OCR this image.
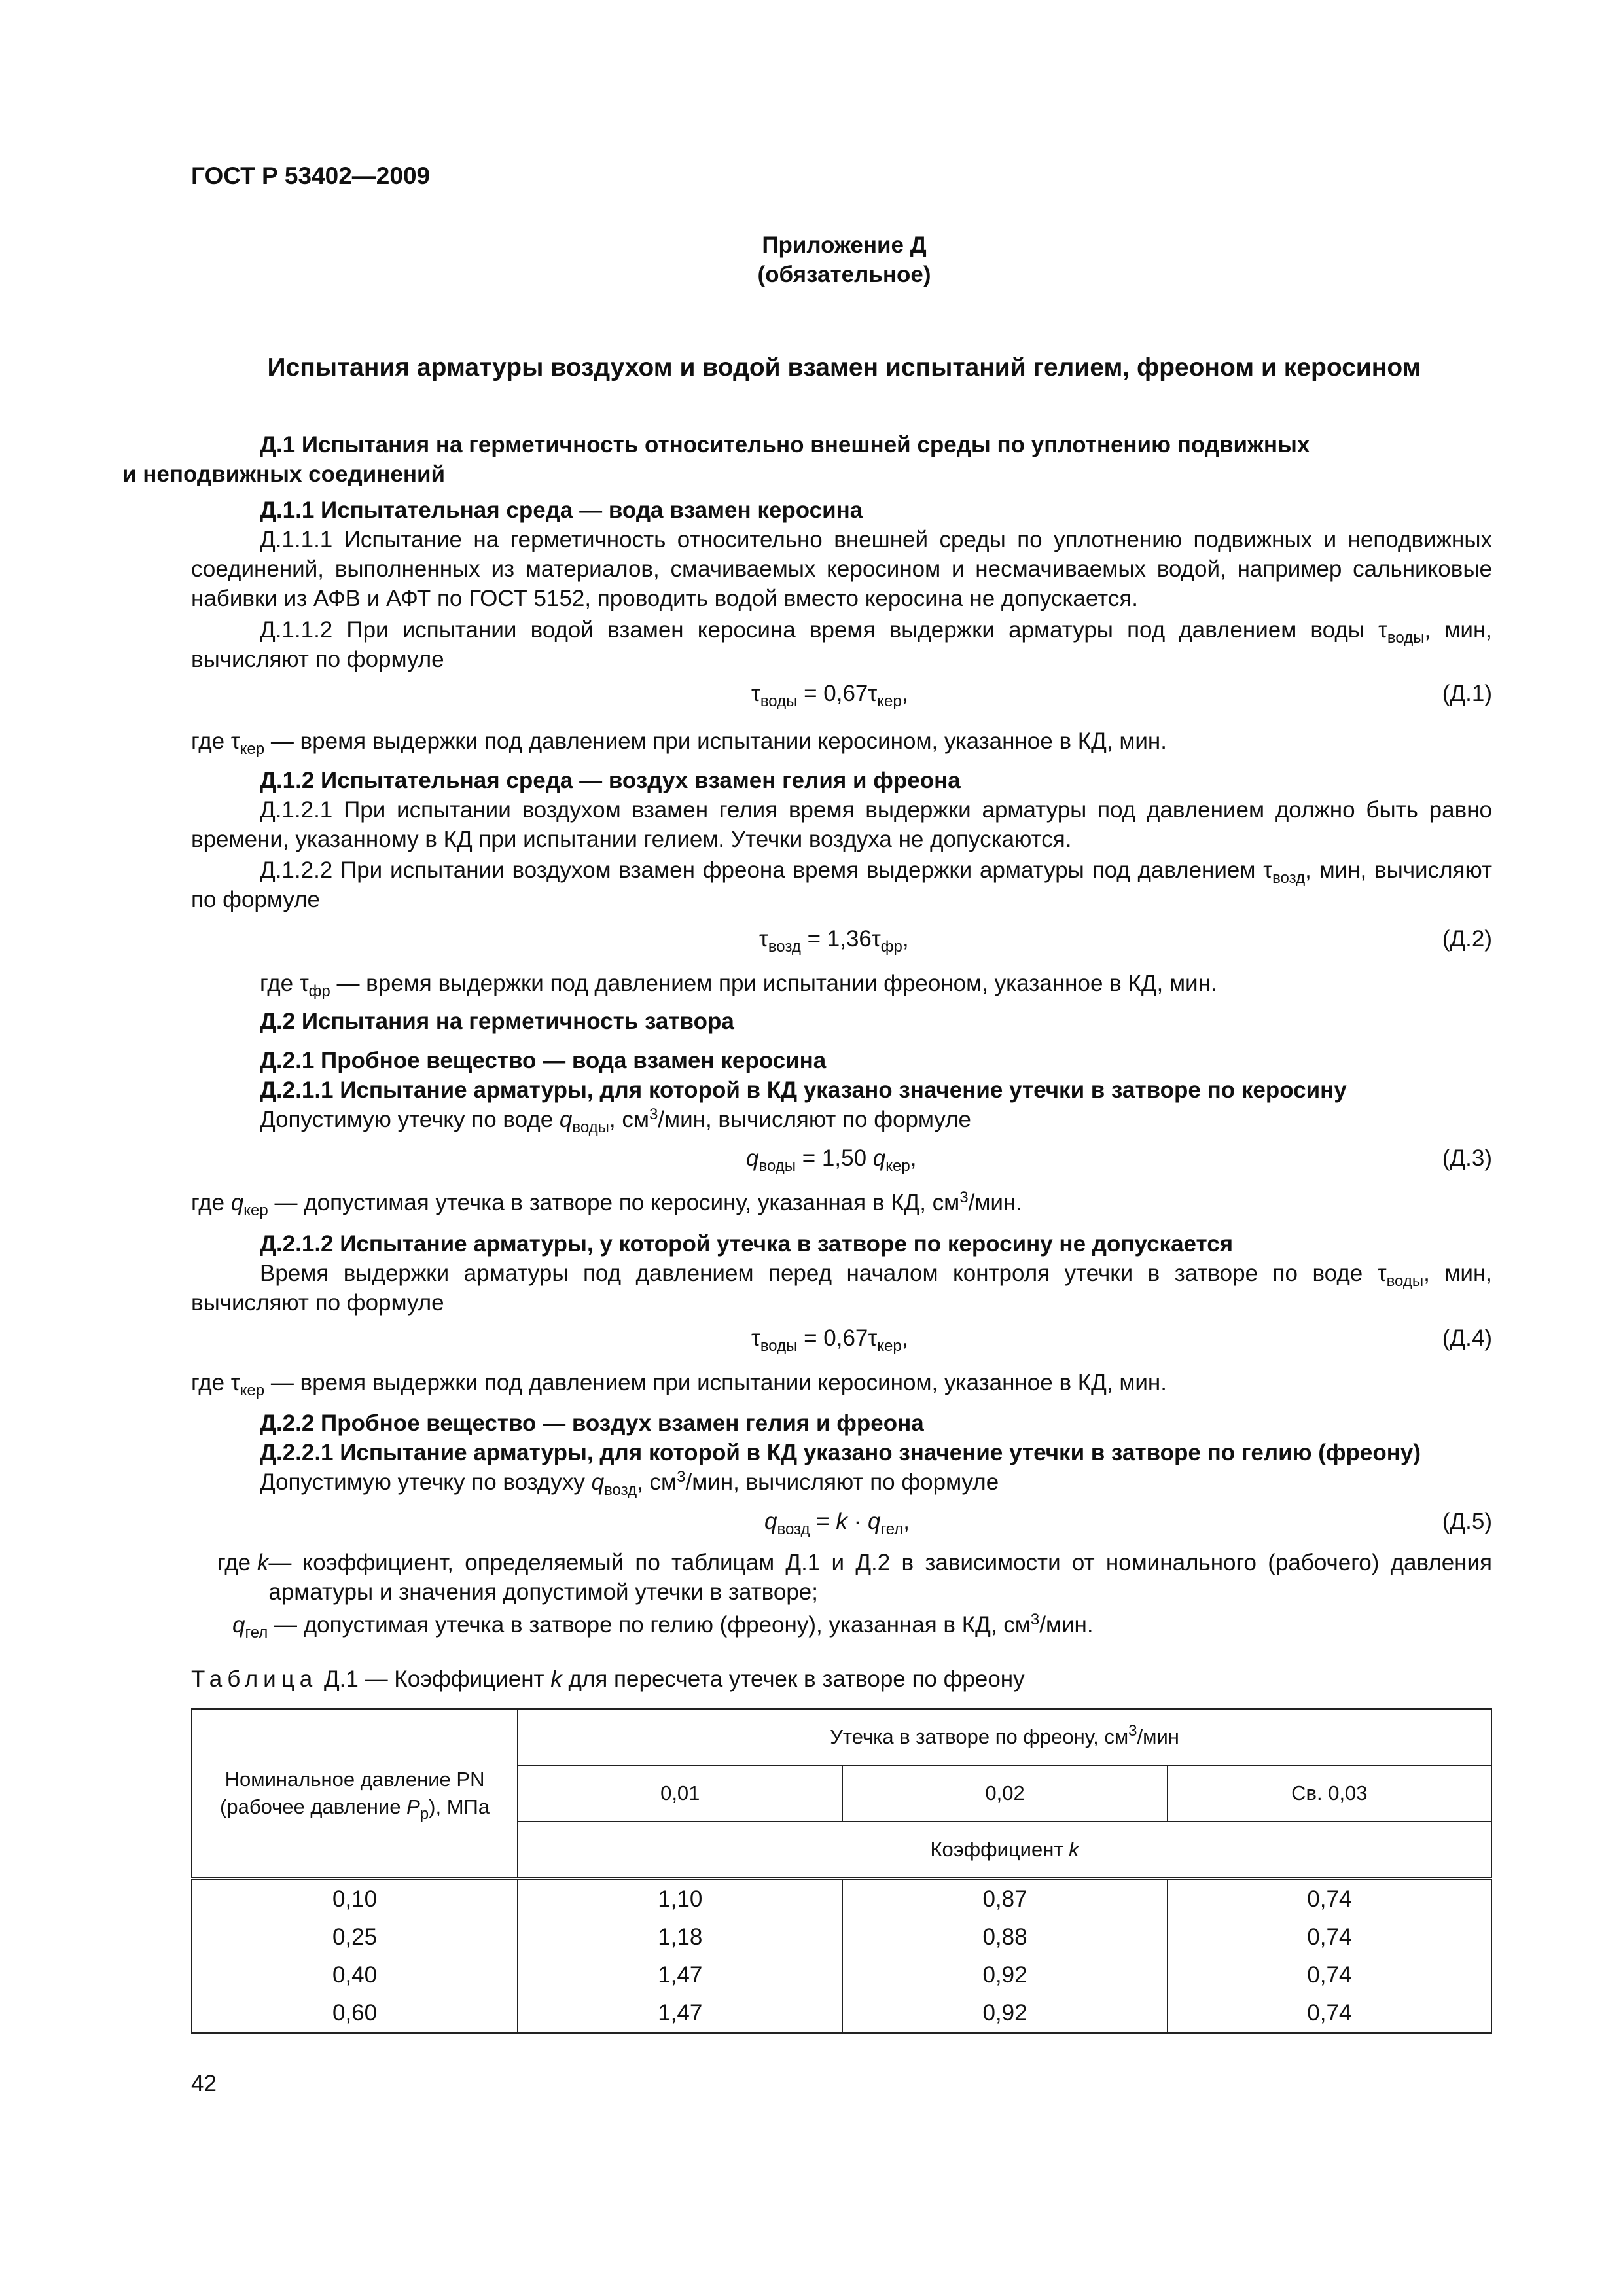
ГОСТ Р 53402—2009
Приложение Д
(обязательное)
Испытания арматуры воздухом и водой взамен испытаний гелием, фреоном и керосином
Д.1 Испытания на герметичность относительно внешней среды по уплотнению подвижных
и неподвижных соединений
Д.1.1 Испытательная среда — вода взамен керосина
Д.1.1.1 Испытание на герметичность относительно внешней среды по уплотнению подвижных и неподвижных соединений, выполненных из материалов, смачиваемых керосином и несмачиваемых водой, например сальниковые набивки из АФВ и АФТ по ГОСТ 5152, проводить водой вместо керосина не допускается.
Д.1.1.2 При испытании водой взамен керосина время выдержки арматуры под давлением воды $\tau_{воды}$, мин, вычисляют по формуле
$\tau_{воды} = 0,67\tau_{кер}$,	(Д.1)
где $\tau_{кер}$ — время выдержки под давлением при испытании керосином, указанное в КД, мин.
Д.1.2 Испытательная среда — воздух взамен гелия и фреона
Д.1.2.1 При испытании воздухом взамен гелия время выдержки арматуры под давлением должно быть равно времени, указанному в КД при испытании гелием. Утечки воздуха не допускаются.
Д.1.2.2 При испытании воздухом взамен фреона время выдержки арматуры под давлением $\tau_{возд}$, мин, вычисляют по формуле
$\tau_{возд} = 1,36\tau_{фр}$,	(Д.2)
где $\tau_{фр}$ — время выдержки под давлением при испытании фреоном, указанное в КД, мин.
Д.2 Испытания на герметичность затвора
Д.2.1 Пробное вещество — вода взамен керосина
Д.2.1.1 Испытание арматуры, для которой в КД указано значение утечки в затворе по керосину
Допустимую утечку по воде $q_{воды}$, $см^3$/мин, вычисляют по формуле
$q_{воды} = 1,50$ $q_{кер}$,	(Д.3)
где $q_{кер}$ — допустимая утечка в затворе по керосину, указанная в КД, $см^3$/мин.
Д.2.1.2 Испытание арматуры, у которой утечка в затворе по керосину не допускается
Время выдержки арматуры под давлением перед началом контроля утечки в затворе по воде $\tau_{воды}$, мин, вычисляют по формуле
$\tau_{воды} = 0,67\tau_{кер}$,	(Д.4)
где $\tau_{кер}$ — время выдержки под давлением при испытании керосином, указанное в КД, мин.
Д.2.2 Пробное вещество — воздух взамен гелия и фреона
Д.2.2.1 Испытание арматуры, для которой в КД указано значение утечки в затворе по гелию (фреону)
Допустимую утечку по воздуху $q_{возд}$, $см^3$/мин, вычисляют по формуле
$q_{возд} = k \cdot q_{гел}$,	(Д.5)
где k — коэффициент, определяемый по таблицам Д.1 и Д.2 в зависимости от номинального (рабочего) давления арматуры и значения допустимой утечки в затворе;
$q_{гел}$ — допустимая утечка в затворе по гелию (фреону), указанная в КД, $см^3$/мин.
Таблица Д.1 — Коэффициент k для пересчета утечек в затворе по фреону
Номинальное давление PN
(рабочее давление $P_р$), МПа	Утечка в затворе по фреону, $см^3$/мин		
	0,01	0,02	Св. 0,03
	Коэффициент k		
0,10	1,10	0,87	0,74
0,25	1,18	0,88	0,74
0,40	1,47	0,92	0,74
0,60	1,47	0,92	0,74
42
